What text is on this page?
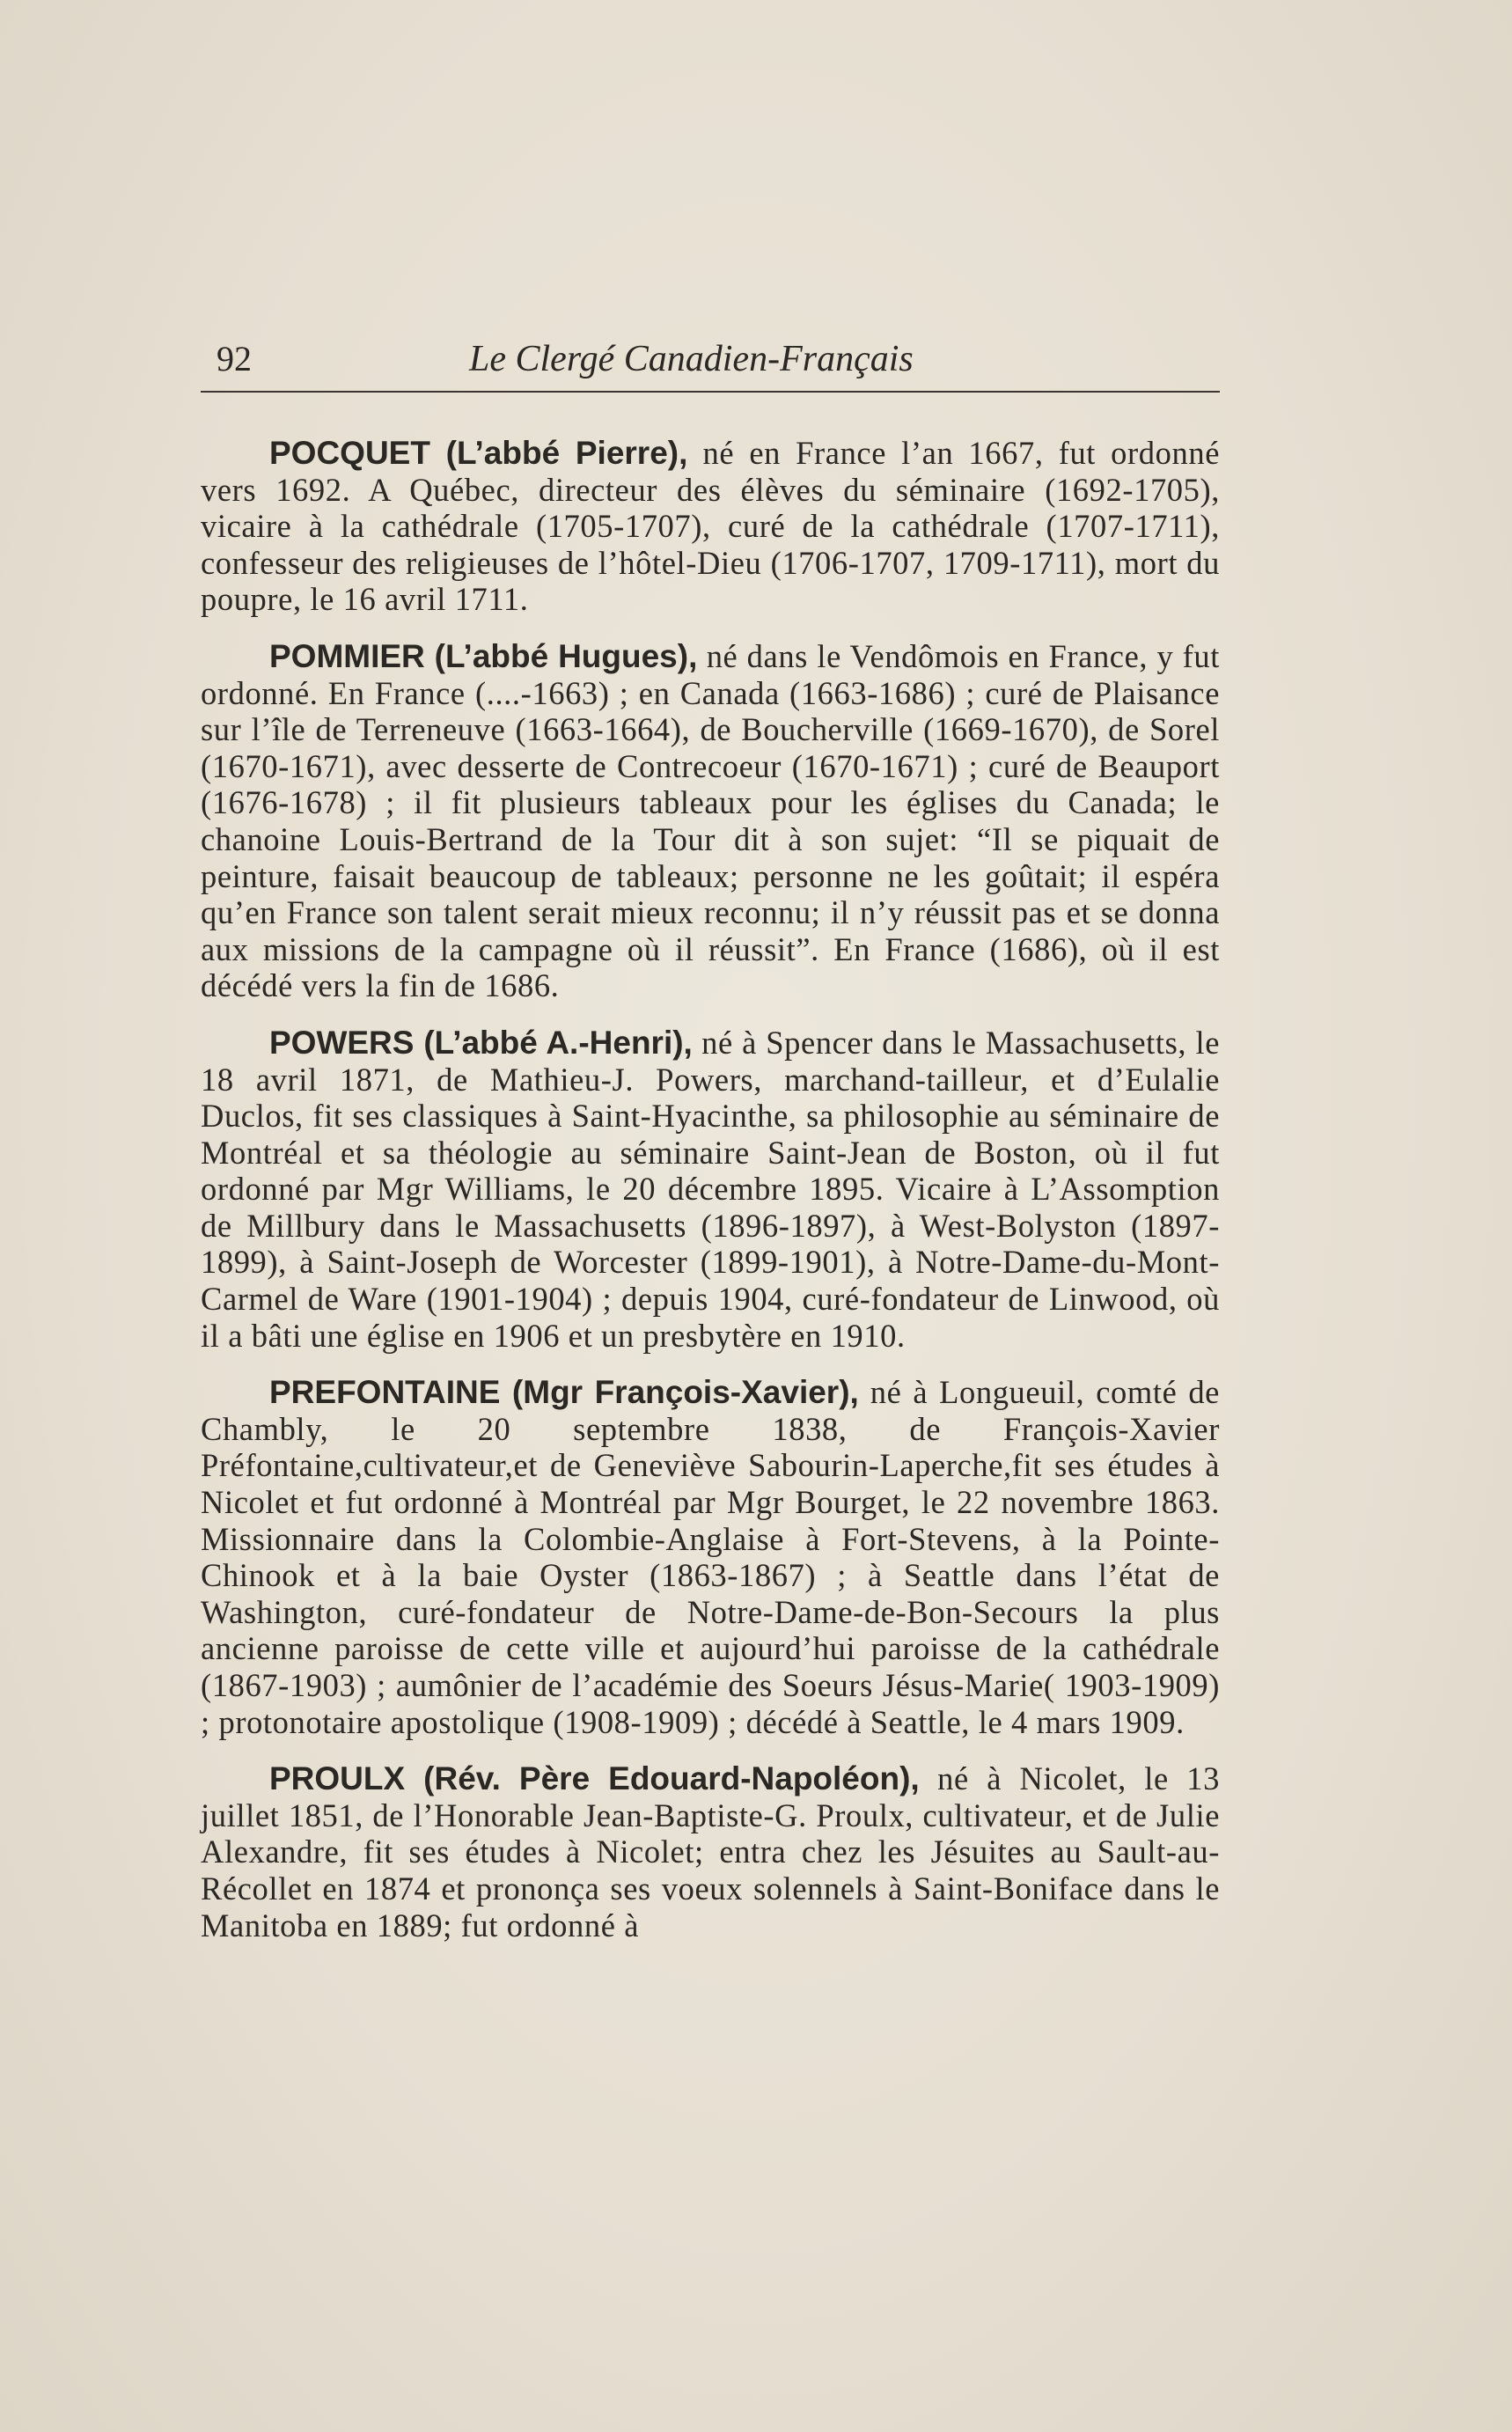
92	Le Clergé Canadien-Français

POCQUET (L’abbé Pierre), né en France l’an 1667, fut ordonné vers 1692. A Québec, directeur des élèves du séminaire (1692-1705), vicaire à la cathédrale (1705-1707), curé de la cathédrale (1707-1711), confesseur des religieuses de l’hôtel-Dieu (1706-1707, 1709-1711), mort du poupre, le 16 avril 1711.

POMMIER (L’abbé Hugues), né dans le Vendômois en France, y fut ordonné. En France (....-1663) ; en Canada (1663-1686) ; curé de Plaisance sur l’île de Terreneuve (1663-1664), de Boucherville (1669-1670), de Sorel (1670-1671), avec desserte de Contrecoeur (1670-1671) ; curé de Beauport (1676-1678) ; il fit plusieurs tableaux pour les églises du Canada; le chanoine Louis-Bertrand de la Tour dit à son sujet: “Il se piquait de peinture, faisait beaucoup de tableaux; personne ne les goûtait; il espéra qu’en France son talent serait mieux reconnu; il n’y réussit pas et se donna aux missions de la campagne où il réussit”. En France (1686), où il est décédé vers la fin de 1686.

POWERS (L’abbé A.-Henri), né à Spencer dans le Massachusetts, le 18 avril 1871, de Mathieu-J. Powers, marchand-tailleur, et d’Eulalie Duclos, fit ses classiques à Saint-Hyacinthe, sa philosophie au séminaire de Montréal et sa théologie au séminaire Saint-Jean de Boston, où il fut ordonné par Mgr Williams, le 20 décembre 1895. Vicaire à L’Assomption de Millbury dans le Massachusetts (1896-1897), à West-Bolyston (1897-1899), à Saint-Joseph de Worcester (1899-1901), à Notre-Dame-du-Mont-Carmel de Ware (1901-1904) ; depuis 1904, curé-fondateur de Linwood, où il a bâti une église en 1906 et un presbytère en 1910.

PREFONTAINE (Mgr François-Xavier), né à Longueuil, comté de Chambly, le 20 septembre 1838, de François-Xavier Préfontaine,cultivateur,et de Geneviève Sabourin-Laperche,fit ses études à Nicolet et fut ordonné à Montréal par Mgr Bourget, le 22 novembre 1863. Missionnaire dans la Colombie-Anglaise à Fort-Stevens, à la Pointe-Chinook et à la baie Oyster (1863-1867) ; à Seattle dans l’état de Washington, curé-fondateur de Notre-Dame-de-Bon-Secours la plus ancienne paroisse de cette ville et aujourd’hui paroisse de la cathédrale (1867-1903) ; aumônier de l’académie des Soeurs Jésus-Marie( 1903-1909) ; protonotaire apostolique (1908-1909) ; décédé à Seattle, le 4 mars 1909.

PROULX (Rév. Père Edouard-Napoléon), né à Nicolet, le 13 juillet 1851, de l’Honorable Jean-Baptiste-G. Proulx, cultivateur, et de Julie Alexandre, fit ses études à Nicolet; entra chez les Jésuites au Sault-au-Récollet en 1874 et prononça ses voeux solennels à Saint-Boniface dans le Manitoba en 1889; fut ordonné à
